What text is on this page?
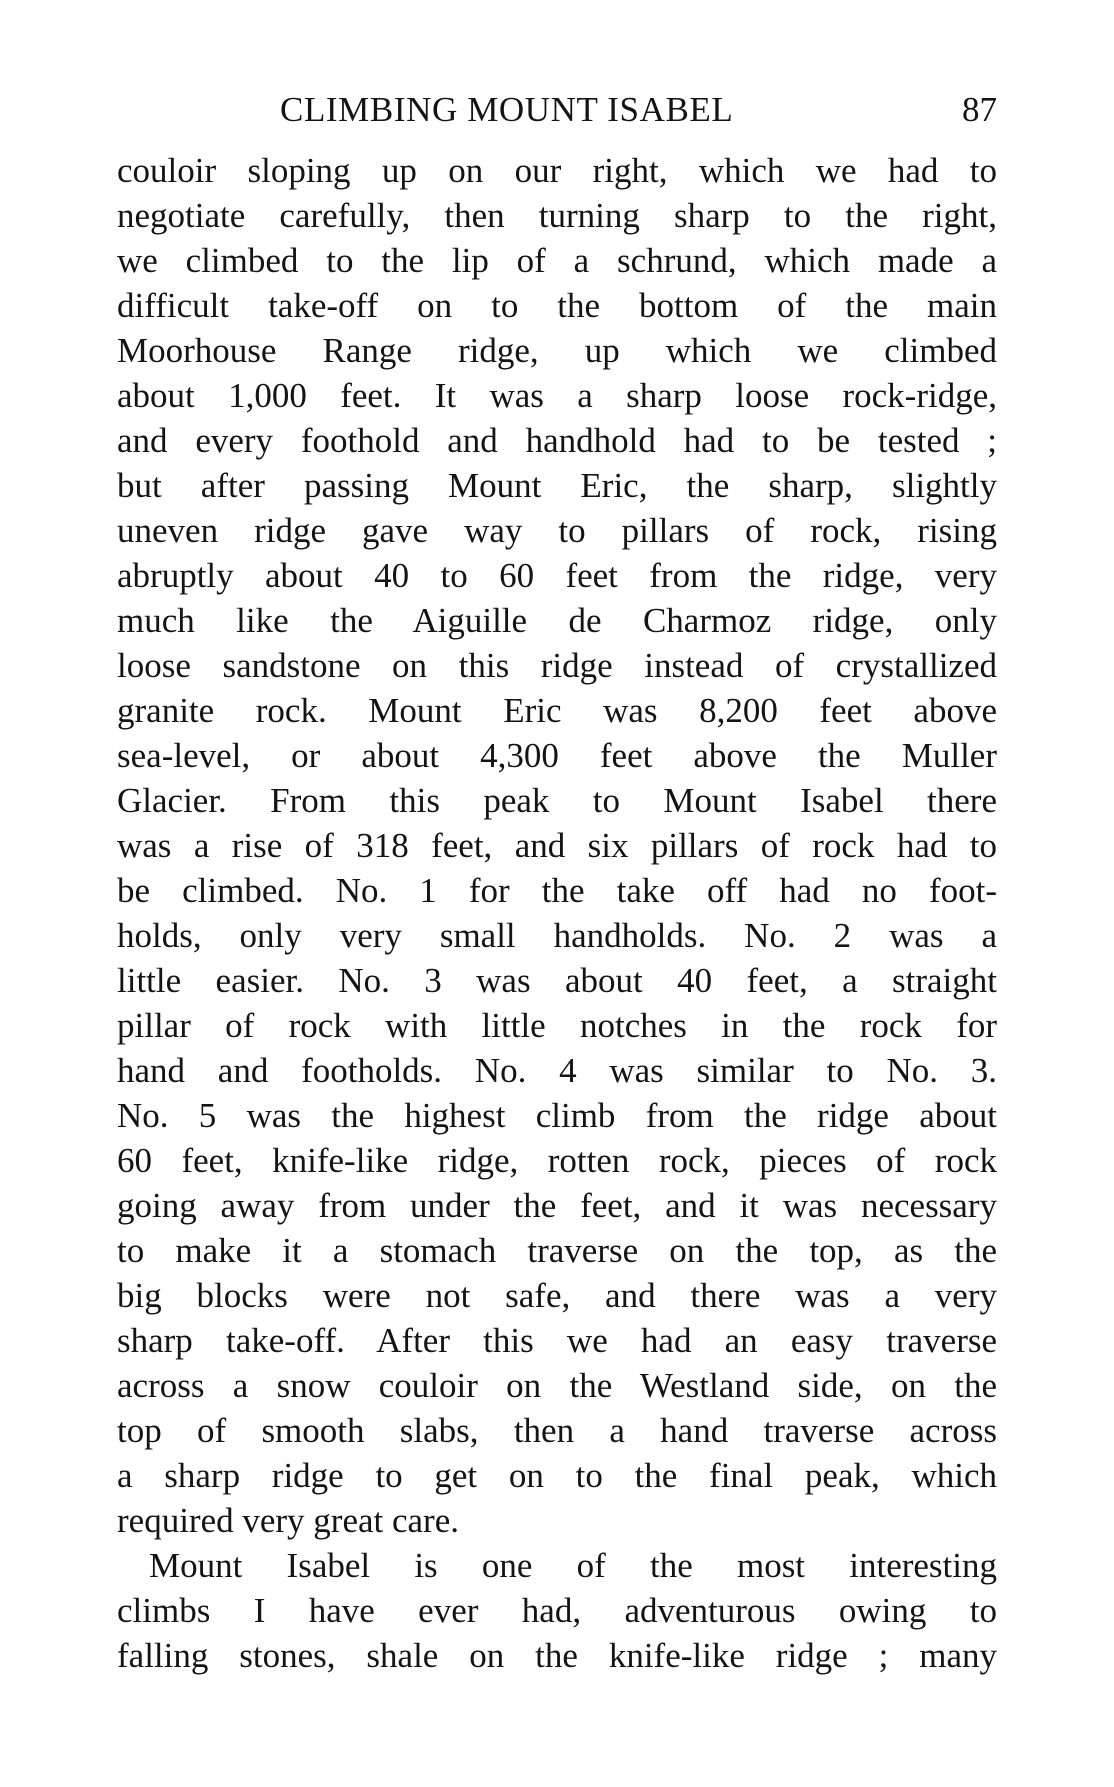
CLIMBING MOUNT ISABEL	87
couloir sloping up on our right, which we had to
negotiate carefully, then turning sharp to the right,
we climbed to the lip of a schrund, which made a
difficult take-off on to the bottom of the main
Moorhouse Range ridge, up which we climbed
about 1,000 feet. It was a sharp loose rock-ridge,
and every foothold and handhold had to be tested ;
but after passing Mount Eric, the sharp, slightly
uneven ridge gave way to pillars of rock, rising
abruptly about 40 to 60 feet from the ridge, very
much like the Aiguille de Charmoz ridge, only
loose sandstone on this ridge instead of crystallized
granite rock. Mount Eric was 8,200 feet above
sea-level, or about 4,300 feet above the Muller
Glacier. From this peak to Mount Isabel there
was a rise of 318 feet, and six pillars of rock had to
be climbed. No. 1 for the take off had no foot-
holds, only very small handholds. No. 2 was a
little easier. No. 3 was about 40 feet, a straight
pillar of rock with little notches in the rock for
hand and footholds. No. 4 was similar to No. 3.
No. 5 was the highest climb from the ridge about
60 feet, knife-like ridge, rotten rock, pieces of rock
going away from under the feet, and it was necessary
to make it a stomach traverse on the top, as the
big blocks were not safe, and there was a very
sharp take-off. After this we had an easy traverse
across a snow couloir on the Westland side, on the
top of smooth slabs, then a hand traverse across
a sharp ridge to get on to the final peak, which
required very great care.
Mount Isabel is one of the most interesting
climbs I have ever had, adventurous owing to
falling stones, shale on the knife-like ridge ; many
